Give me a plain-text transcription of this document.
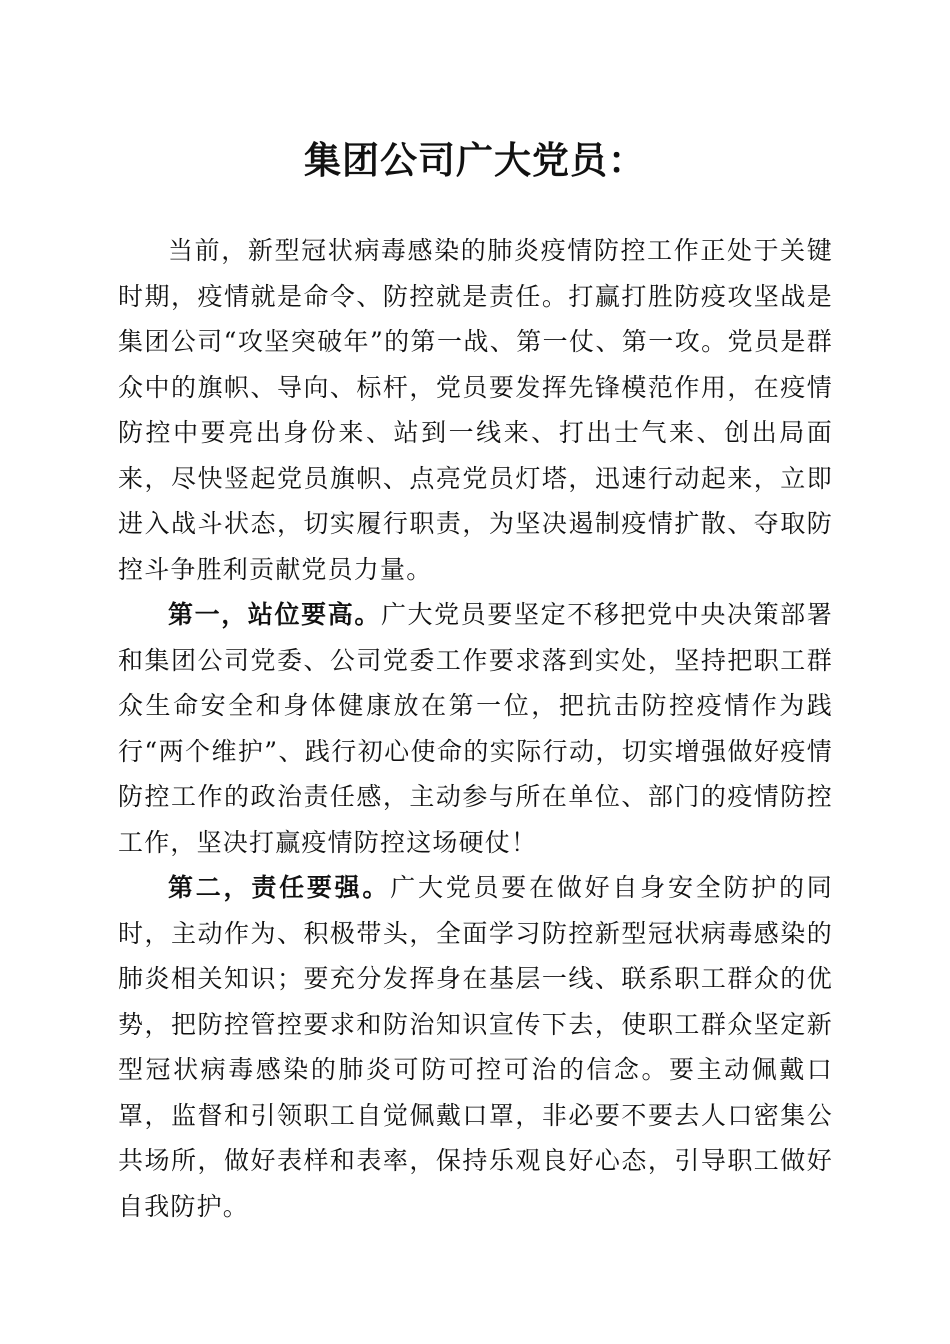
集团公司广大党员：

当前，新型冠状病毒感染的肺炎疫情防控工作正处于关键时期，疫情就是命令、防控就是责任。打赢打胜防疫攻坚战是集团公司“攻坚突破年”的第一战、第一仗、第一攻。党员是群众中的旗帜、导向、标杆，党员要发挥先锋模范作用，在疫情防控中要亮出身份来、站到一线来、打出士气来、创出局面来，尽快竖起党员旗帜、点亮党员灯塔，迅速行动起来，立即进入战斗状态，切实履行职责，为坚决遏制疫情扩散、夺取防控斗争胜利贡献党员力量。

第一，站位要高。广大党员要坚定不移把党中央决策部署和集团公司党委、公司党委工作要求落到实处，坚持把职工群众生命安全和身体健康放在第一位，把抗击防控疫情作为践行“两个维护”、践行初心使命的实际行动，切实增强做好疫情防控工作的政治责任感，主动参与所在单位、部门的疫情防控工作，坚决打赢疫情防控这场硬仗！

第二，责任要强。广大党员要在做好自身安全防护的同时，主动作为、积极带头，全面学习防控新型冠状病毒感染的肺炎相关知识；要充分发挥身在基层一线、联系职工群众的优势，把防控管控要求和防治知识宣传下去，使职工群众坚定新型冠状病毒感染的肺炎可防可控可治的信念。要主动佩戴口罩，监督和引领职工自觉佩戴口罩，非必要不要去人口密集公共场所，做好表样和表率，保持乐观良好心态，引导职工做好自我防护。
